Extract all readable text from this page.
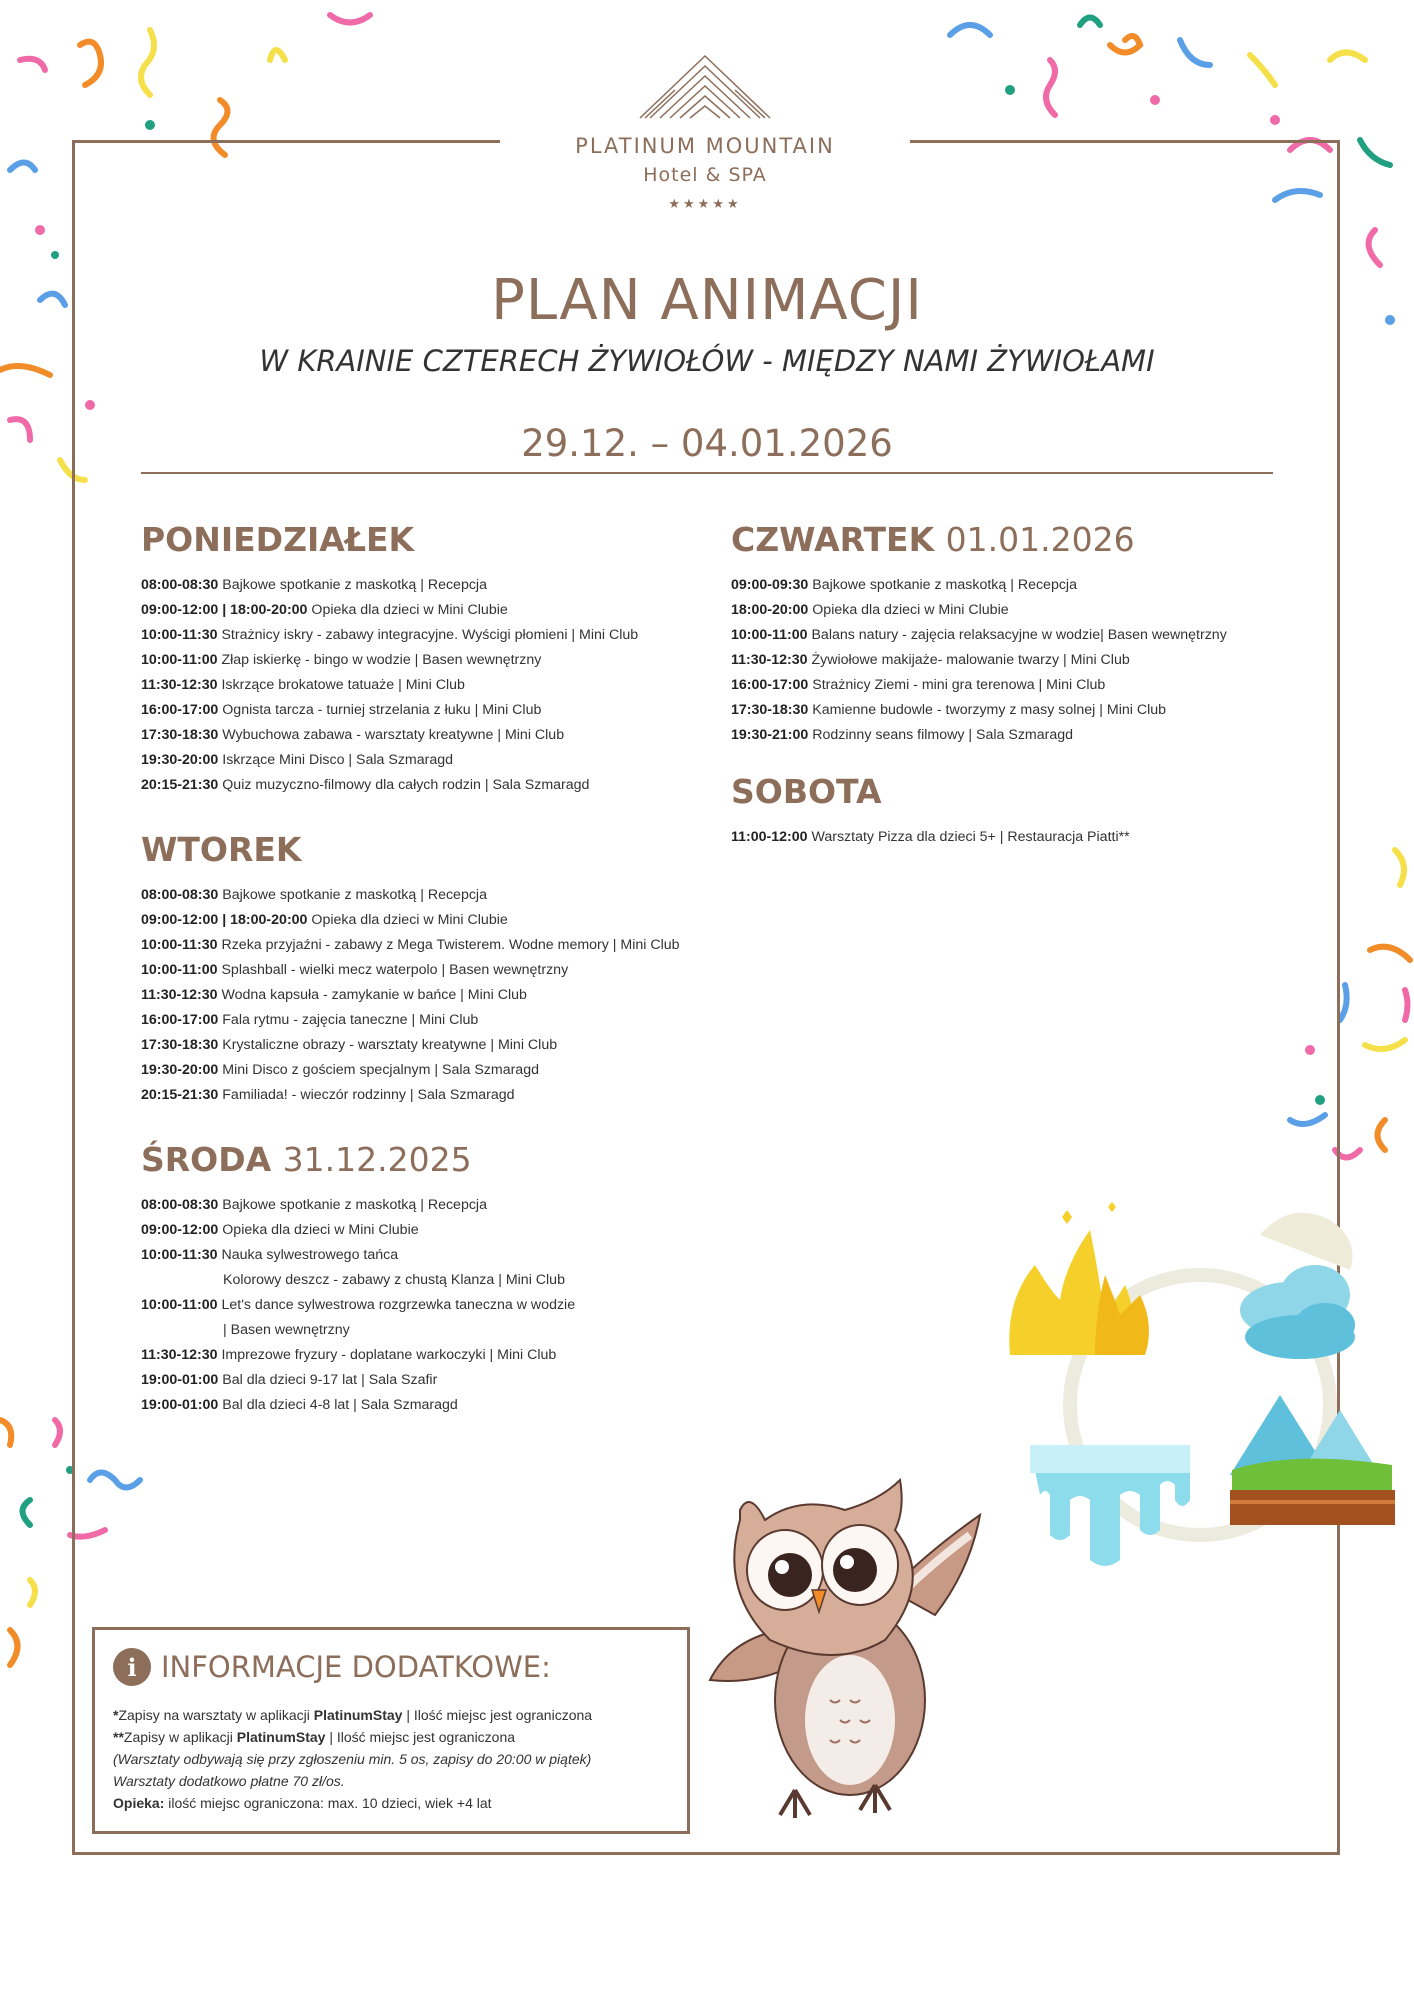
PLATINUM MOUNTAIN
Hotel & SPA
★★★★★
PLAN ANIMACJI
W KRAINIE CZTERECH ŻYWIOŁÓW - MIĘDZY NAMI ŻYWIOŁAMI
29.12. – 04.01.2026
PONIEDZIAŁEK
08:00-08:30 Bajkowe spotkanie z maskotką | Recepcja
09:00-12:00 | 18:00-20:00 Opieka dla dzieci w Mini Clubie
10:00-11:30 Strażnicy iskry - zabawy integracyjne. Wyścigi płomieni | Mini Club
10:00-11:00 Złap iskierkę - bingo w wodzie | Basen wewnętrzny
11:30-12:30 Iskrzące brokatowe tatuaże | Mini Club
16:00-17:00 Ognista tarcza - turniej strzelania z łuku | Mini Club
17:30-18:30 Wybuchowa zabawa - warsztaty kreatywne | Mini Club
19:30-20:00 Iskrzące Mini Disco | Sala Szmaragd
20:15-21:30 Quiz muzyczno-filmowy dla całych rodzin | Sala Szmaragd
WTOREK
08:00-08:30 Bajkowe spotkanie z maskotką | Recepcja
09:00-12:00 | 18:00-20:00 Opieka dla dzieci w Mini Clubie
10:00-11:30 Rzeka przyjaźni - zabawy z Mega Twisterem. Wodne memory | Mini Club
10:00-11:00 Splashball - wielki mecz waterpolo | Basen wewnętrzny
11:30-12:30 Wodna kapsuła - zamykanie w bańce | Mini Club
16:00-17:00 Fala rytmu - zajęcia taneczne | Mini Club
17:30-18:30 Krystaliczne obrazy - warsztaty kreatywne | Mini Club
19:30-20:00 Mini Disco z gościem specjalnym | Sala Szmaragd
20:15-21:30 Familiada! - wieczór rodzinny | Sala Szmaragd
ŚRODA 31.12.2025
08:00-08:30 Bajkowe spotkanie z maskotką | Recepcja
09:00-12:00 Opieka dla dzieci w Mini Clubie
10:00-11:30 Nauka sylwestrowego tańca
Kolorowy deszcz - zabawy z chustą Klanza | Mini Club
10:00-11:00 Let's dance sylwestrowa rozgrzewka taneczna w wodzie
| Basen wewnętrzny
11:30-12:30 Imprezowe fryzury - doplatane warkoczyki | Mini Club
19:00-01:00 Bal dla dzieci 9-17 lat | Sala Szafir
19:00-01:00 Bal dla dzieci 4-8 lat | Sala Szmaragd
CZWARTEK 01.01.2026
09:00-09:30 Bajkowe spotkanie z maskotką | Recepcja
18:00-20:00 Opieka dla dzieci w Mini Clubie
10:00-11:00 Balans natury - zajęcia relaksacyjne w wodzie| Basen wewnętrzny
11:30-12:30 Żywiołowe makijaże- malowanie twarzy | Mini Club
16:00-17:00 Strażnicy Ziemi - mini gra terenowa | Mini Club
17:30-18:30 Kamienne budowle - tworzymy z masy solnej | Mini Club
19:30-21:00 Rodzinny seans filmowy | Sala Szmaragd
SOBOTA
11:00-12:00 Warsztaty Pizza dla dzieci 5+ | Restauracja Piatti**
i INFORMACJE DODATKOWE:
*Zapisy na warsztaty w aplikacji PlatinumStay | Ilość miejsc jest ograniczona
**Zapisy w aplikacji PlatinumStay | Ilość miejsc jest ograniczona
(Warsztaty odbywają się przy zgłoszeniu min. 5 os, zapisy do 20:00 w piątek)
Warsztaty dodatkowo płatne 70 zł/os.
Opieka: ilość miejsc ograniczona: max. 10 dzieci, wiek +4 lat
